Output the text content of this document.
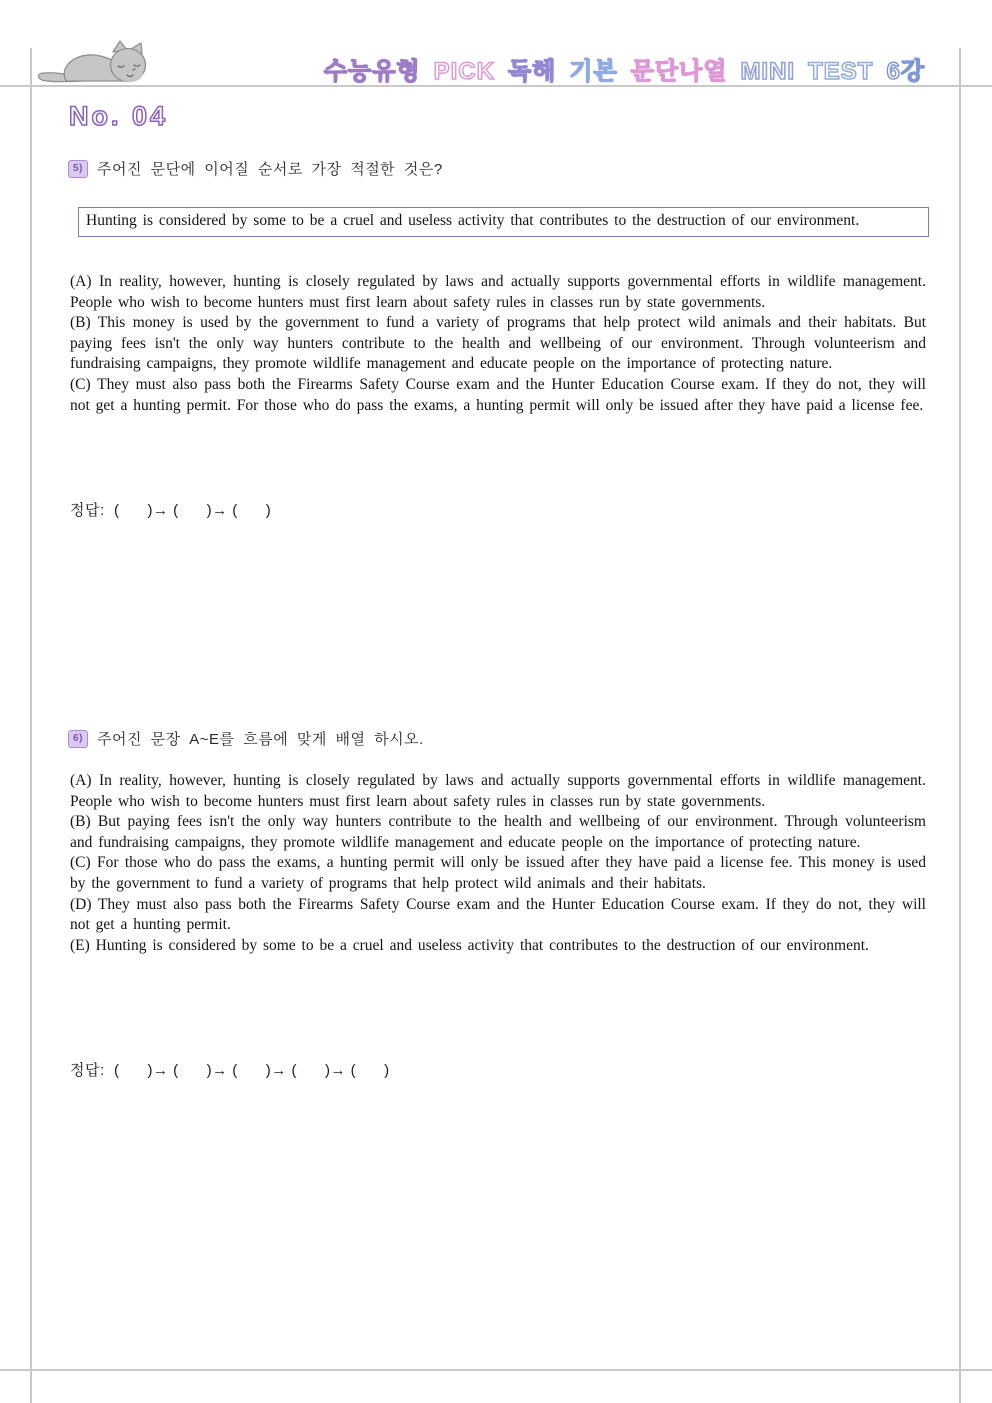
수능유형 PICK 독해 기본 문단나열 MINI TEST 6강
No. 04
5) 주어진 문단에 이어질 순서로 가장 적절한 것은?
Hunting is considered by some to be a cruel and useless activity that contributes to the destruction of our environment.

(A) In reality, however, hunting is closely regulated by laws and actually supports governmental efforts in wildlife management. People who wish to become hunters must first learn about safety rules in classes run by state governments.

(B) This money is used by the government to fund a variety of programs that help protect wild animals and their habitats. But paying fees isn't the only way hunters contribute to the health and wellbeing of our environment. Through volunteerism and fundraising campaigns, they promote wildlife management and educate people on the importance of protecting nature.

(C) They must also pass both the Firearms Safety Course exam and the Hunter Education Course exam. If they do not, they will not get a hunting permit. For those who do pass the exams, a hunting permit will only be issued after they have paid a license fee.

정답:  (      )→ (      )→ (      )
6) 주어진 문장 A~E를 흐름에 맞게 배열 하시오.

(A) In reality, however, hunting is closely regulated by laws and actually supports governmental efforts in wildlife management. People who wish to become hunters must first learn about safety rules in classes run by state governments.

(B) But paying fees isn't the only way hunters contribute to the health and wellbeing of our environment. Through volunteerism and fundraising campaigns, they promote wildlife management and educate people on the importance of protecting nature.

(C) For those who do pass the exams, a hunting permit will only be issued after they have paid a license fee. This money is used by the government to fund a variety of programs that help protect wild animals and their habitats.

(D) They must also pass both the Firearms Safety Course exam and the Hunter Education Course exam. If they do not, they will not get a hunting permit.

(E) Hunting is considered by some to be a cruel and useless activity that contributes to the destruction of our environment.

정답:  (      )→ (      )→ (      )→ (      )→ (      )
